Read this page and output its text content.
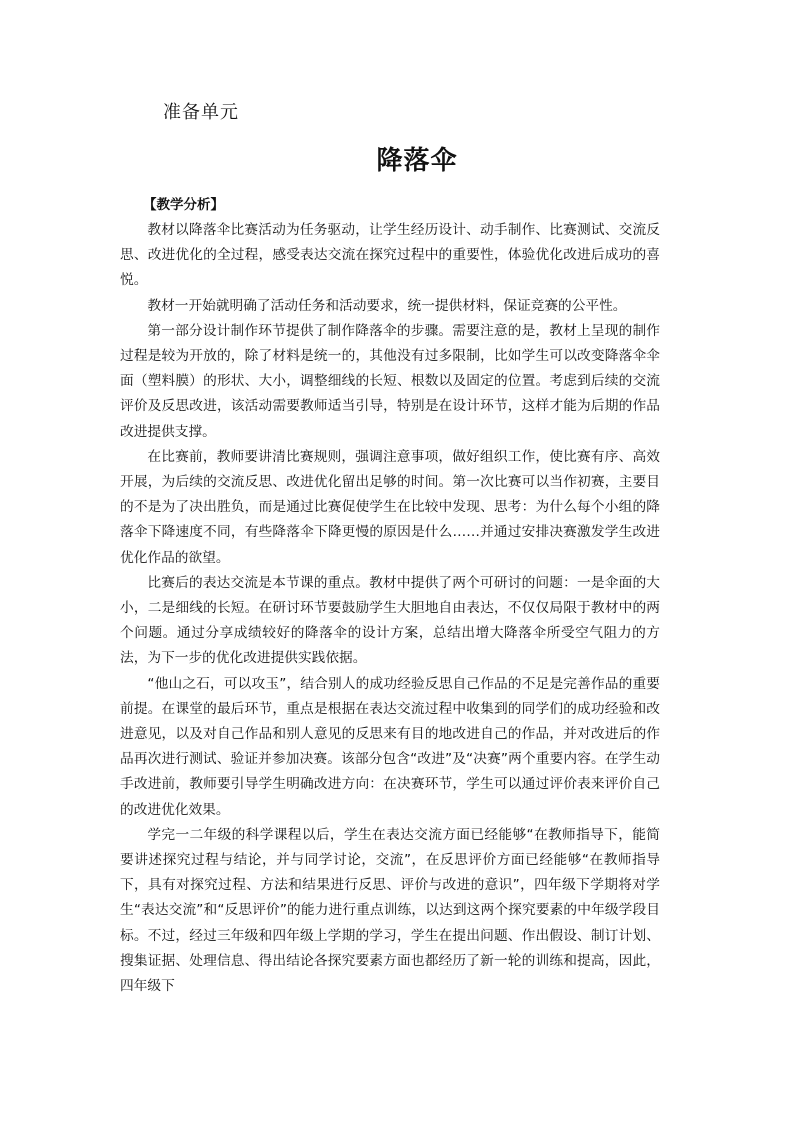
准备单元
降落伞
【教学分析】

教材以降落伞比赛活动为任务驱动，让学生经历设计、动手制作、比赛测试、交流反思、改进优化的全过程，感受表达交流在探究过程中的重要性，体验优化改进后成功的喜悦。

教材一开始就明确了活动任务和活动要求，统一提供材料，保证竞赛的公平性。

第一部分设计制作环节提供了制作降落伞的步骤。需要注意的是，教材上呈现的制作过程是较为开放的，除了材料是统一的，其他没有过多限制，比如学生可以改变降落伞伞面（塑料膜）的形状、大小，调整细线的长短、根数以及固定的位置。考虑到后续的交流评价及反思改进，该活动需要教师适当引导，特别是在设计环节，这样才能为后期的作品改进提供支撑。

在比赛前，教师要讲清比赛规则，强调注意事项，做好组织工作，使比赛有序、高效开展，为后续的交流反思、改进优化留出足够的时间。第一次比赛可以当作初赛，主要目的不是为了决出胜负，而是通过比赛促使学生在比较中发现、思考：为什么每个小组的降落伞下降速度不同，有些降落伞下降更慢的原因是什么……并通过安排决赛激发学生改进优化作品的欲望。

比赛后的表达交流是本节课的重点。教材中提供了两个可研讨的问题：一是伞面的大小，二是细线的长短。在研讨环节要鼓励学生大胆地自由表达，不仅仅局限于教材中的两个问题。通过分享成绩较好的降落伞的设计方案，总结出增大降落伞所受空气阻力的方法，为下一步的优化改进提供实践依据。

“他山之石，可以攻玉”，结合别人的成功经验反思自己作品的不足是完善作品的重要前提。在课堂的最后环节，重点是根据在表达交流过程中收集到的同学们的成功经验和改进意见，以及对自己作品和别人意见的反思来有目的地改进自己的作品，并对改进后的作品再次进行测试、验证并参加决赛。该部分包含“改进”及“决赛”两个重要内容。在学生动手改进前，教师要引导学生明确改进方向：在决赛环节，学生可以通过评价表来评价自己的改进优化效果。

学完一二年级的科学课程以后，学生在表达交流方面已经能够“在教师指导下，能简要讲述探究过程与结论，并与同学讨论，交流”，在反思评价方面已经能够“在教师指导下，具有对探究过程、方法和结果进行反思、评价与改进的意识”，四年级下学期将对学生“表达交流”和“反思评价”的能力进行重点训练，以达到这两个探究要素的中年级学段目标。不过，经过三年级和四年级上学期的学习，学生在提出问题、作出假设、制订计划、搜集证据、处理信息、得出结论各探究要素方面也都经历了新一轮的训练和提高，因此，四年级下
